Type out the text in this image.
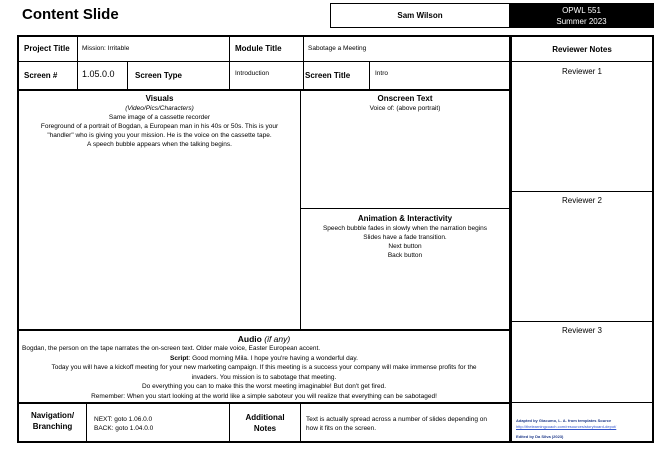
Content Slide	Sam Wilson
OPWL 551
Summer 2023
Project Title Mission: Irritable	Module Title	Sabotage a Meeting
Screen #	1.05.0.0	Screen Type	Introduction	Screen Title	Intro
Visuals
(Video/Pics/Characters)
Same image of a cassette recorder
Foreground of a portrait of Bogdan, a European man in his 40s or 50s. This is your
"handler" who is giving you your mission. He is the voice on the cassette tape.
A speech bubble appears when the talking begins.
Onscreen Text
Voice of: (above portrait)
Animation & Interactivity
Speech bubble fades in slowly when the narration begins
Slides have a fade transition.
Next button
Back button
Audio (if any)
Bogdan, the person on the tape narrates the on-screen text. Older male voice, Easter European accent.
Script: Good morning Mila. I hope you're having a wonderful day.
Today you will have a kickoff meeting for your new marketing campaign. If this meeting is a success your company will make immense profits for the
invaders. You mission is to sabotage that meeting.
Do everything you can to make this the worst meeting imaginable! But don't get fired.
Remember: When you start looking at the world like a simple saboteur you will realize that everything can be sabotaged!
Navigation/
Branching
NEXT: goto 1.06.0.0
BACK: goto 1.04.0.0
Additional
Notes
Text is actually spread across a number of slides depending on
how it fits on the screen.
Reviewer Notes
Reviewer 1
Reviewer 2
Reviewer 3
Adapted by Giacumo, L. A. from templates Source
http://thelearningcoach.com/resources/storyboard-depot/
Edited by Da Silva (2023)
